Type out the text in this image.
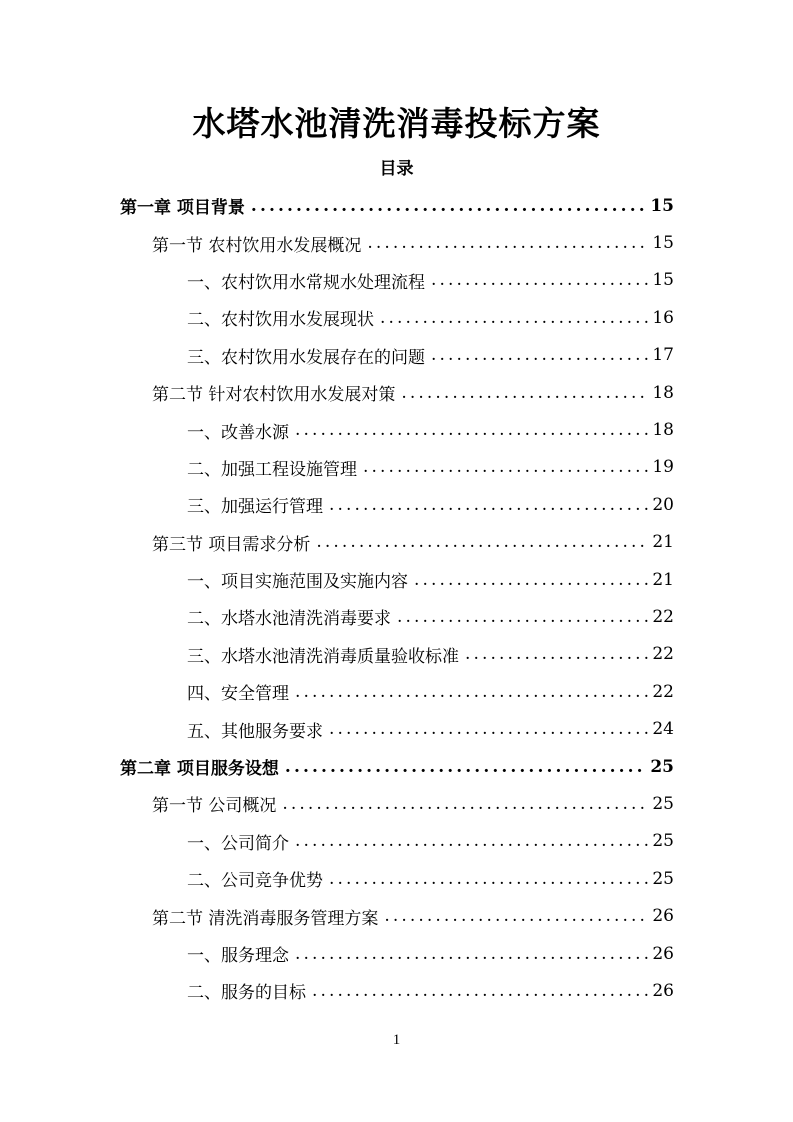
水塔水池清洗消毒投标方案
目录
第一章 项目背景 .....	15
第一节 农村饮用水发展概况 .....	15
一、农村饮用水常规水处理流程 .....	15
二、农村饮用水发展现状 .....	16
三、农村饮用水发展存在的问题 .....	17
第二节 针对农村饮用水发展对策 .....	18
一、改善水源 .....	18
二、加强工程设施管理 .....	19
三、加强运行管理 .....	20
第三节 项目需求分析 .....	21
一、项目实施范围及实施内容 .....	21
二、水塔水池清洗消毒要求 .....	22
三、水塔水池清洗消毒质量验收标准 .....	22
四、安全管理 .....	22
五、其他服务要求 .....	24
第二章 项目服务设想 .....	25
第一节 公司概况 .....	25
一、公司简介 .....	25
二、公司竞争优势 .....	25
第二节 清洗消毒服务管理方案 .....	26
一、服务理念 .....	26
二、服务的目标 .....	26
1
